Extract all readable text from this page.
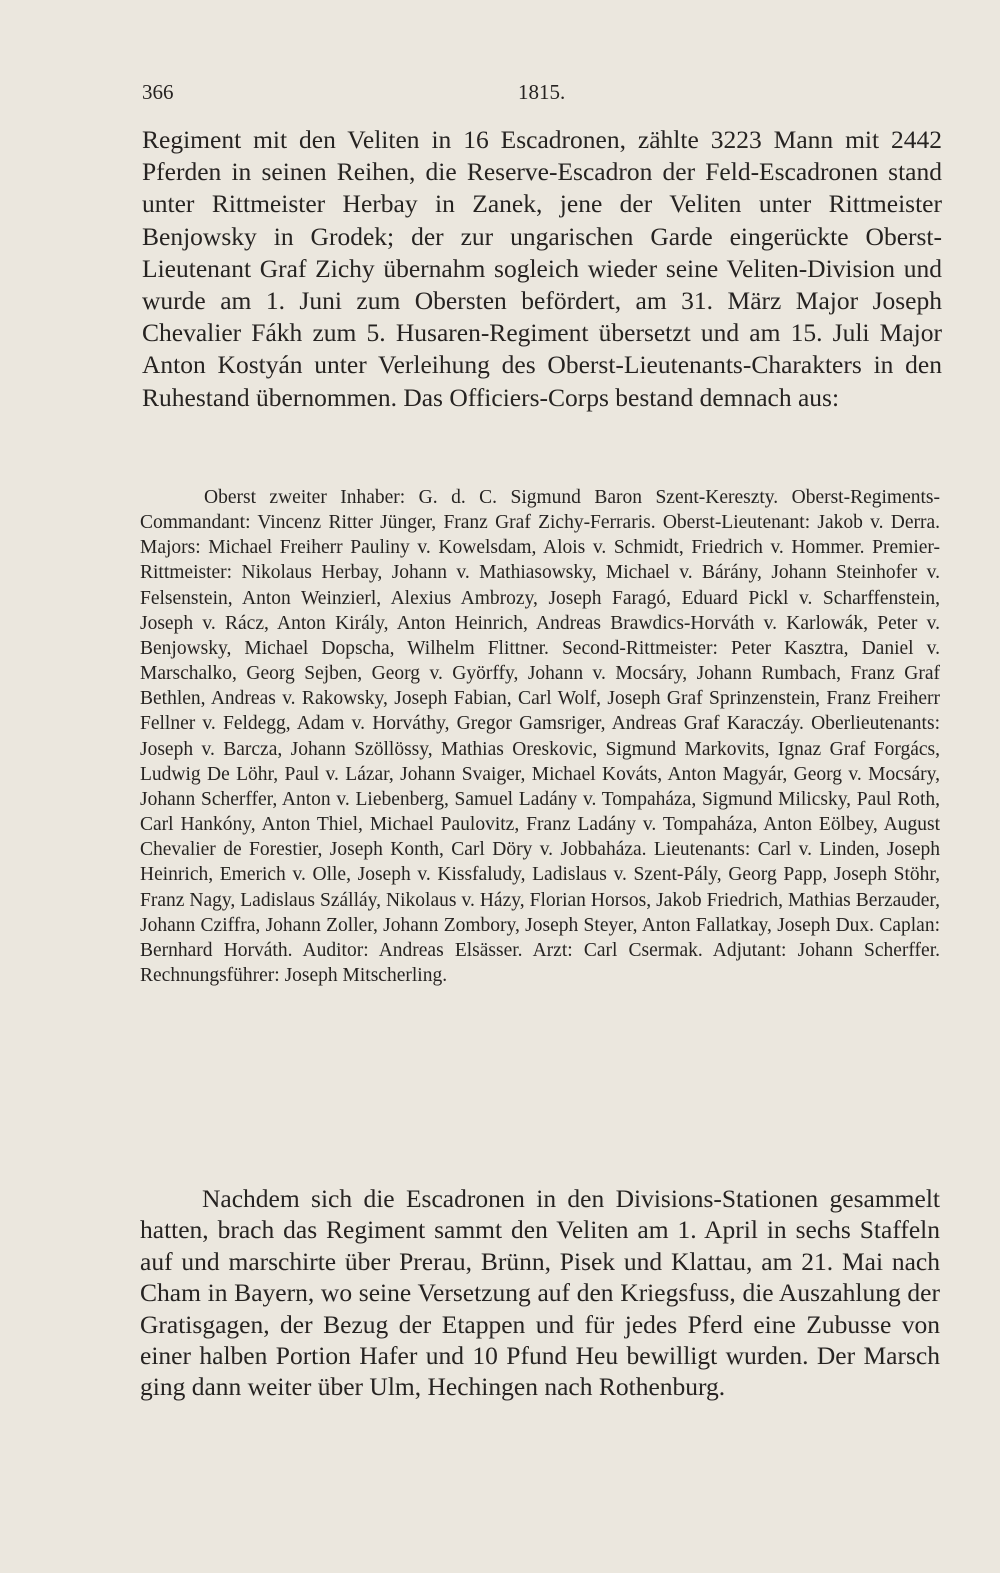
366	1815.

Regiment mit den Veliten in 16 Escadronen, zählte 3223 Mann mit 2442 Pferden in seinen Reihen, die Reserve-Escadron der Feld-Escadronen stand unter Rittmeister Herbay in Zanek, jene der Veliten unter Rittmeister Benjowsky in Grodek; der zur ungarischen Garde eingerückte Oberst-Lieutenant Graf Zichy übernahm sogleich wieder seine Veliten-Division und wurde am 1. Juni zum Obersten befördert, am 31. März Major Joseph Chevalier Fákh zum 5. Husaren-Regiment übersetzt und am 15. Juli Major Anton Kostyán unter Verleihung des Oberst-Lieutenants-Charakters in den Ruhestand übernommen. Das Officiers-Corps bestand demnach aus:

Oberst zweiter Inhaber: G. d. C. Sigmund Baron Szent-Kereszty. Oberst-Regiments-Commandant: Vincenz Ritter Jünger, Franz Graf Zichy-Ferraris. Oberst-Lieutenant: Jakob v. Derra. Majors: Michael Freiherr Pauliny v. Kowelsdam, Alois v. Schmidt, Friedrich v. Hommer. Premier-Rittmeister: Nikolaus Herbay, Johann v. Mathiasowsky, Michael v. Bárány, Johann Steinhofer v. Felsenstein, Anton Weinzierl, Alexius Ambrozy, Joseph Faragó, Eduard Pickl v. Scharffenstein, Joseph v. Rácz, Anton Király, Anton Heinrich, Andreas Brawdics-Horváth v. Karlowák, Peter v. Benjowsky, Michael Dopscha, Wilhelm Flittner. Second-Rittmeister: Peter Kasztra, Daniel v. Marschalko, Georg Sejben, Georg v. Györffy, Johann v. Mocsáry, Johann Rumbach, Franz Graf Bethlen, Andreas v. Rakowsky, Joseph Fabian, Carl Wolf, Joseph Graf Sprinzenstein, Franz Freiherr Fellner v. Feldegg, Adam v. Horváthy, Gregor Gamsriger, Andreas Graf Karaczáy. Oberlieutenants: Joseph v. Barcza, Johann Szöllössy, Mathias Oreskovic, Sigmund Markovits, Ignaz Graf Forgács, Ludwig De Löhr, Paul v. Lázar, Johann Svaiger, Michael Kováts, Anton Magyár, Georg v. Mocsáry, Johann Scherffer, Anton v. Liebenberg, Samuel Ladány v. Tompaháza, Sigmund Milicsky, Paul Roth, Carl Hankóny, Anton Thiel, Michael Paulovitz, Franz Ladány v. Tompaháza, Anton Eölbey, August Chevalier de Forestier, Joseph Konth, Carl Döry v. Jobbaháza. Lieutenants: Carl v. Linden, Joseph Heinrich, Emerich v. Olle, Joseph v. Kissfaludy, Ladislaus v. Szent-Pály, Georg Papp, Joseph Stöhr, Franz Nagy, Ladislaus Szálláy, Nikolaus v. Házy, Florian Horsos, Jakob Friedrich, Mathias Berzauder, Johann Cziffra, Johann Zoller, Johann Zombory, Joseph Steyer, Anton Fallatkay, Joseph Dux. Caplan: Bernhard Horváth. Auditor: Andreas Elsässer. Arzt: Carl Csermak. Adjutant: Johann Scherffer. Rechnungsführer: Joseph Mitscherling.

Nachdem sich die Escadronen in den Divisions-Stationen gesammelt hatten, brach das Regiment sammt den Veliten am 1. April in sechs Staffeln auf und marschirte über Prerau, Brünn, Pisek und Klattau, am 21. Mai nach Cham in Bayern, wo seine Versetzung auf den Kriegsfuss, die Auszahlung der Gratisgagen, der Bezug der Etappen und für jedes Pferd eine Zubusse von einer halben Portion Hafer und 10 Pfund Heu bewilligt wurden. Der Marsch ging dann weiter über Ulm, Hechingen nach Rothenburg.
